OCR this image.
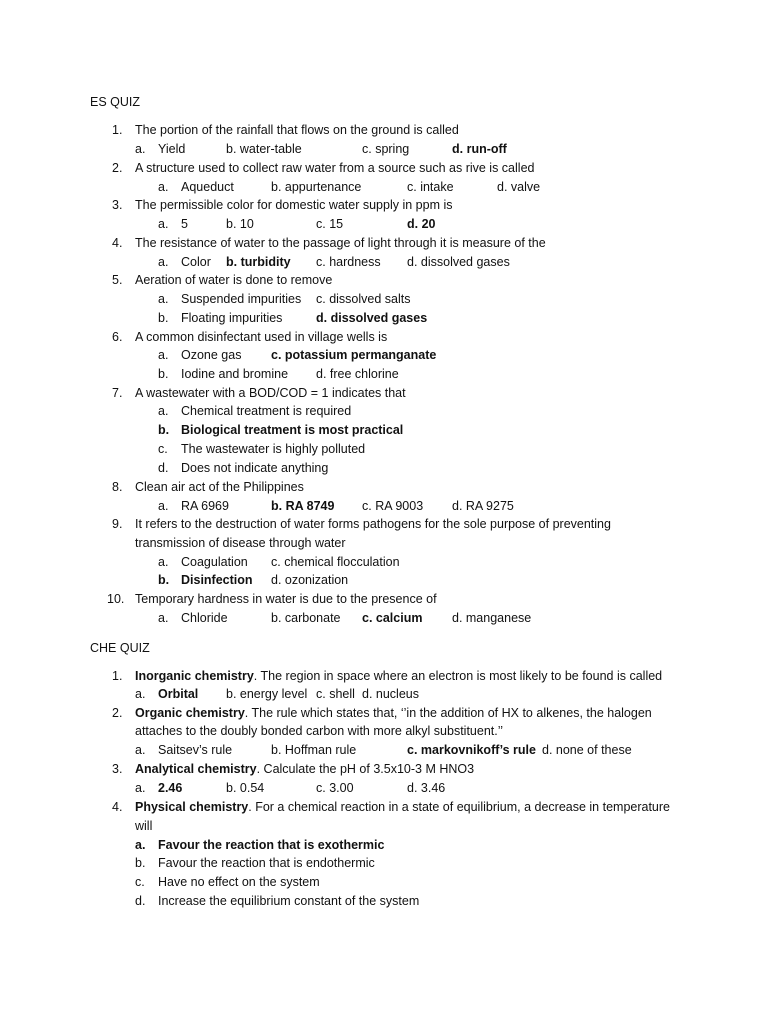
ES QUIZ
1. The portion of the rainfall that flows on the ground is called
a. Yield	b. water-table	c. spring	d. run-off
2. A structure used to collect raw water from a source such as rive is called
a. Aqueduct	b. appurtenance	c. intake	d. valve
3. The permissible color for domestic water supply in ppm is
a. 5	b. 10	c. 15	d. 20
4. The resistance of water to the passage of light through it is measure of the
a. Color b. turbidity c. hardness d. dissolved gases
5. Aeration of water is done to remove
a. Suspended impurities c. dissolved salts
b. Floating impurities	d. dissolved gases
6. A common disinfectant used in village wells is
a. Ozone gas c. potassium permanganate
b. Iodine and bromine d. free chlorine
7. A wastewater with a BOD/COD = 1 indicates that
a. Chemical treatment is required
b. Biological treatment is most practical
c. The wastewater is highly polluted
d. Does not indicate anything
8. Clean air act of the Philippines
a. RA 6969	b. RA 8749 c. RA 9003 d. RA 9275
9. It refers to the destruction of water forms pathogens for the sole purpose of preventing
transmission of disease through water
a. Coagulation c. chemical flocculation
b. Disinfection d. ozonization
10. Temporary hardness in water is due to the presence of
a. Chloride	b. carbonate c. calcium d. manganese
CHE QUIZ
1. Inorganic chemistry. The region in space where an electron is most likely to be found is called
a. Orbital b. energy level c. shell d. nucleus
2. Organic chemistry. The rule which states that, ‘’in the addition of HX to alkenes, the halogen
attaches to the doubly bonded carbon with more alkyl substituent.’’
a. Saitsev’s rule	b. Hoffman rule	c. markovnikoff’s rule d. none of these
3. Analytical chemistry. Calculate the pH of 3.5x10-3 M HNO3
a. 2.46	b. 0.54	c. 3.00	d. 3.46
4. Physical chemistry. For a chemical reaction in a state of equilibrium, a decrease in temperature
will
a. Favour the reaction that is exothermic
b. Favour the reaction that is endothermic
c. Have no effect on the system
d. Increase the equilibrium constant of the system
